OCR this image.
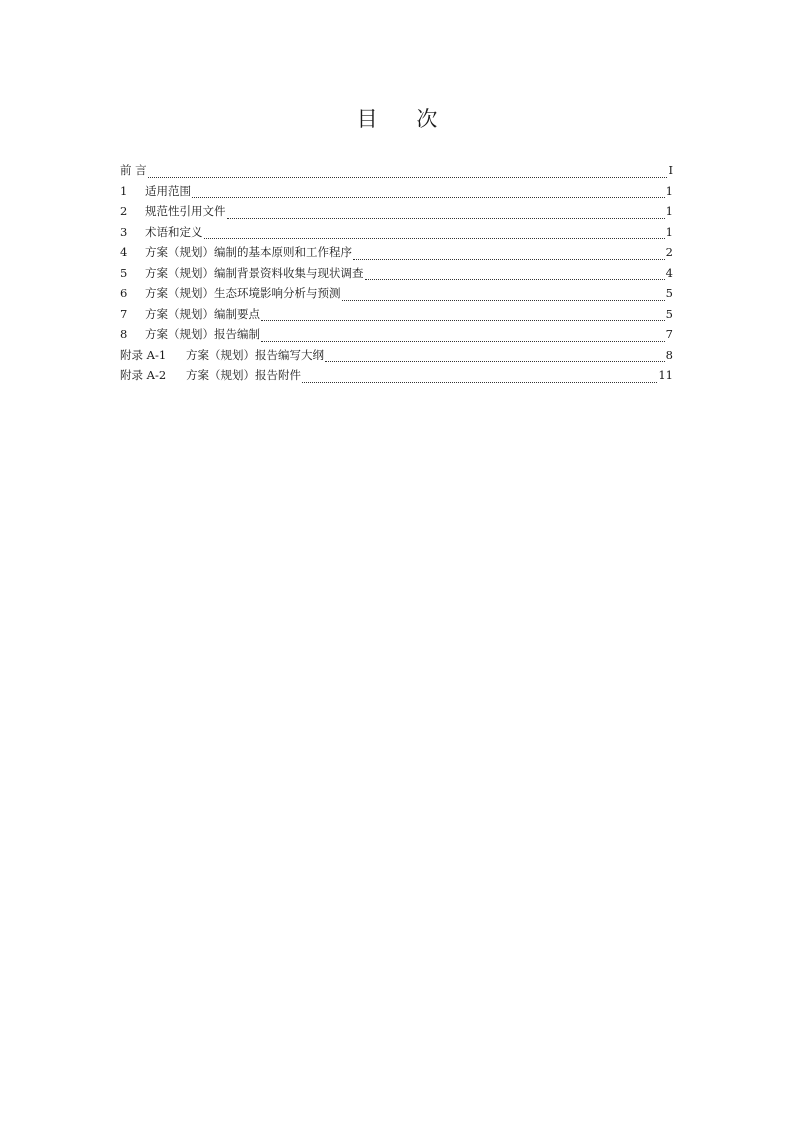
目 次
前 言	I
1	适用范围	1
2	规范性引用文件	1
3	术语和定义	1
4	方案（规划）编制的基本原则和工作程序	2
5	方案（规划）编制背景资料收集与现状调查	4
6	方案（规划）生态环境影响分析与预测	5
7	方案（规划）编制要点	5
8	方案（规划）报告编制	7
附录 A-1	方案（规划）报告编写大纲	8
附录 A-2	方案（规划）报告附件	11
